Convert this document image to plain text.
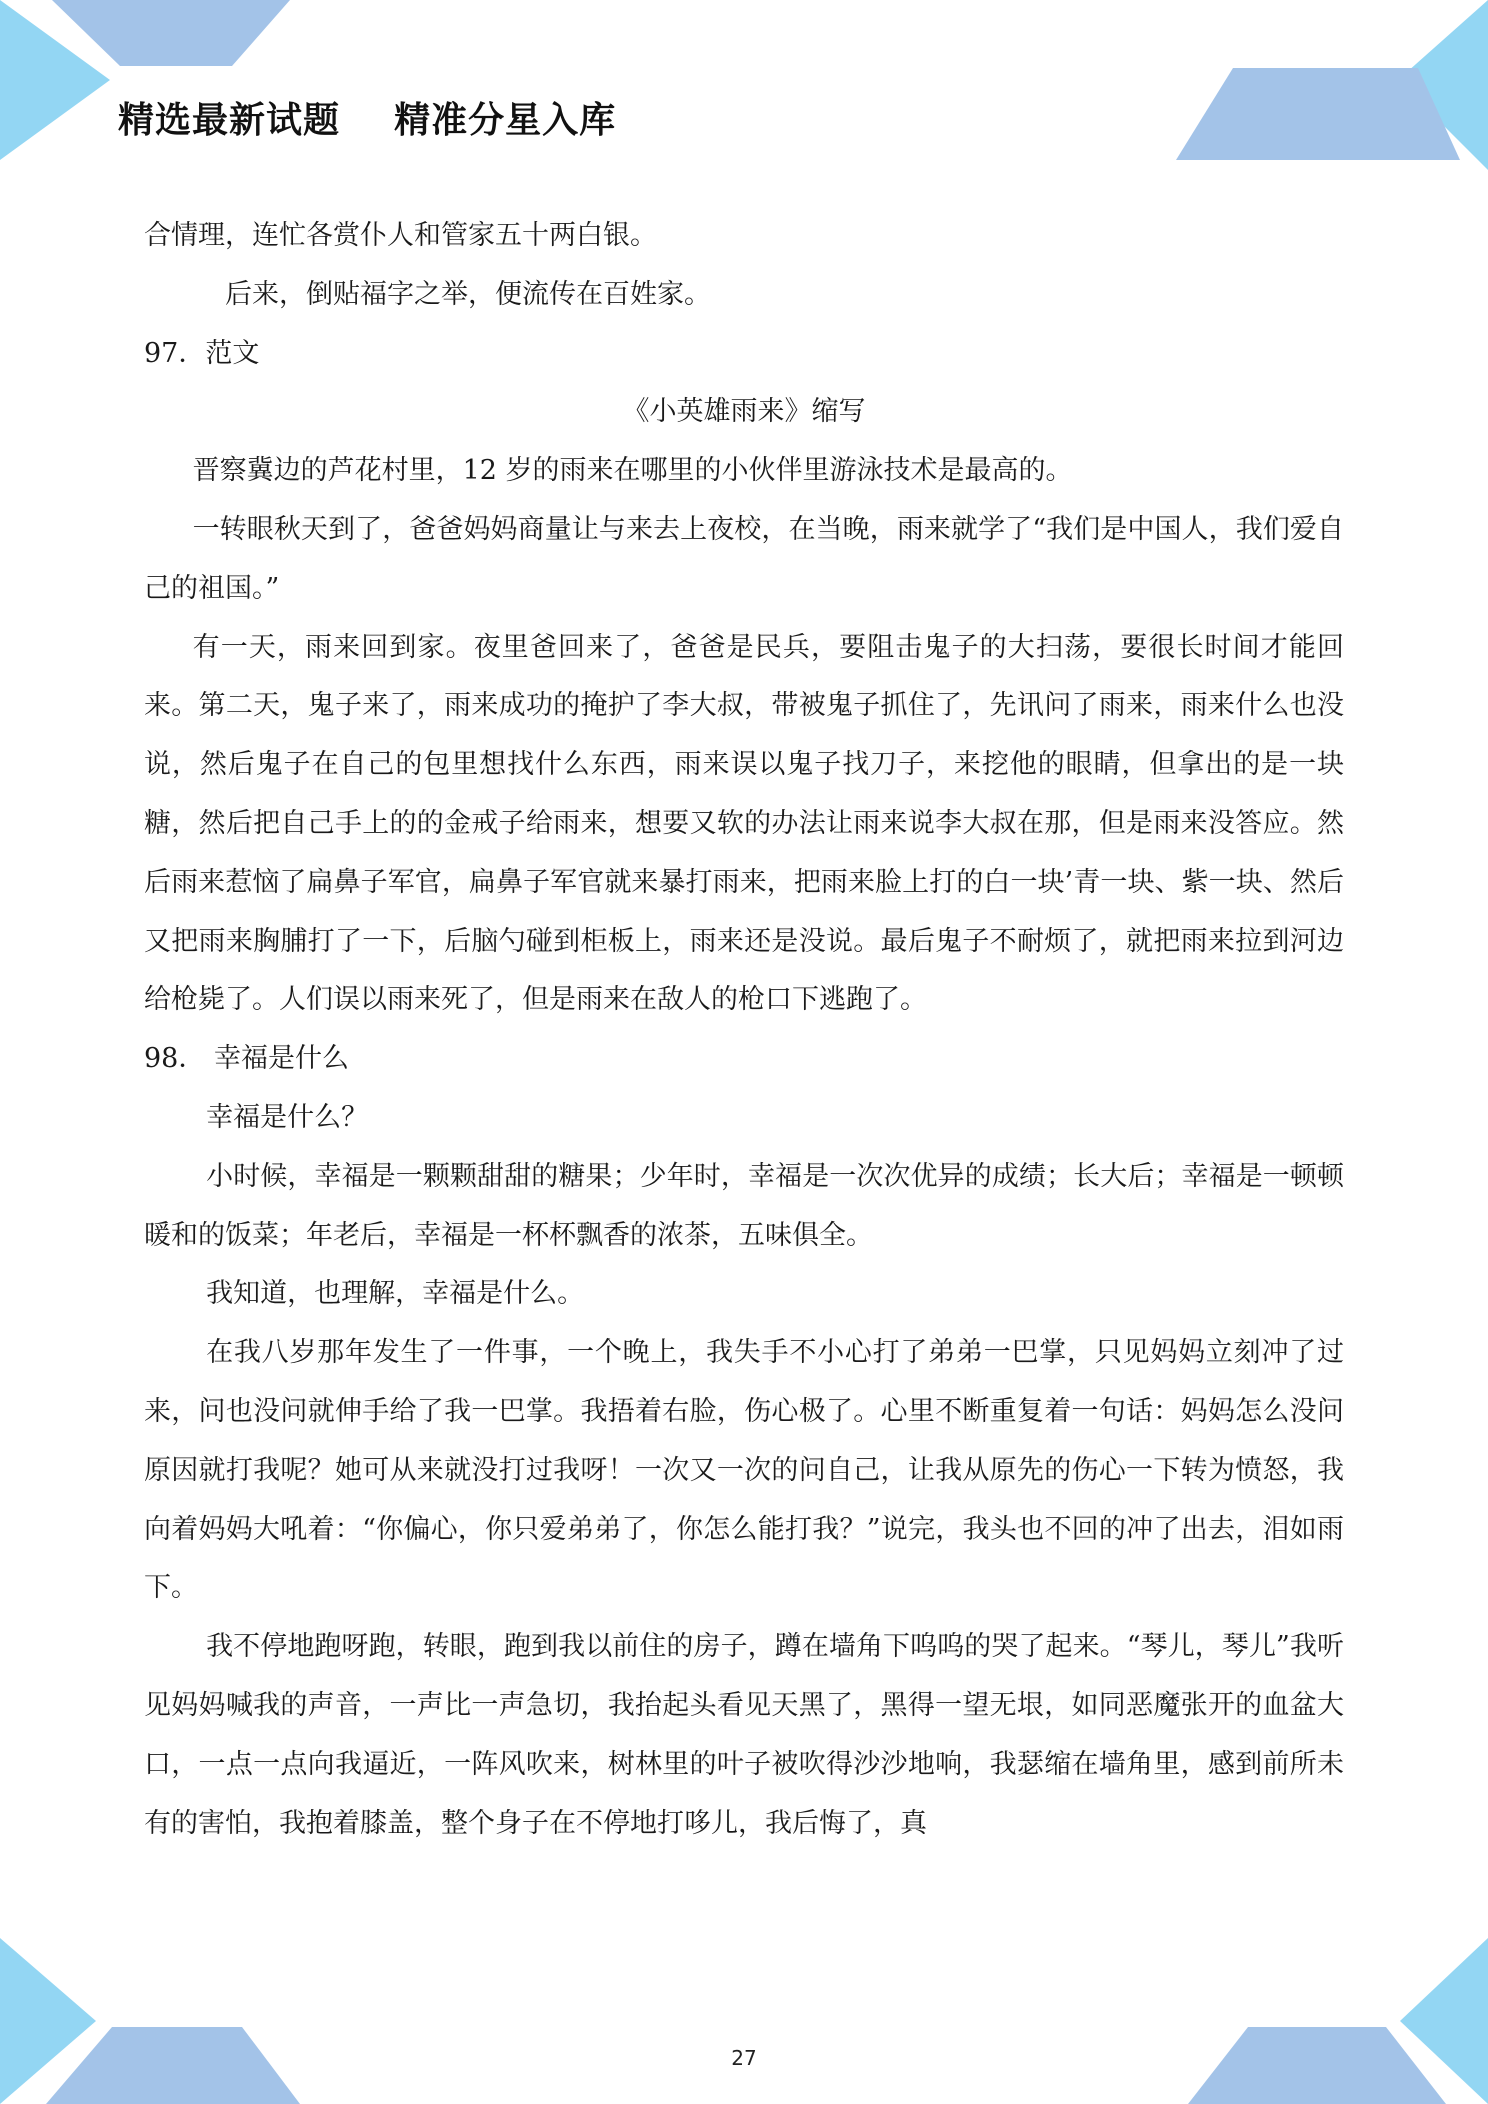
精选最新试题    精准分星入库

合情理，连忙各赏仆人和管家五十两白银。

后来，倒贴福字之举，便流传在百姓家。

97．范文

《小英雄雨来》缩写

晋察冀边的芦花村里，12 岁的雨来在哪里的小伙伴里游泳技术是最高的。

一转眼秋天到了，爸爸妈妈商量让与来去上夜校，在当晚，雨来就学了“我们是中国人，我们爱自己的祖国。”

有一天，雨来回到家。夜里爸回来了，爸爸是民兵，要阻击鬼子的大扫荡，要很长时间才能回来。第二天，鬼子来了，雨来成功的掩护了李大叔，带被鬼子抓住了，先讯问了雨来，雨来什么也没说，然后鬼子在自己的包里想找什么东西，雨来误以鬼子找刀子，来挖他的眼睛，但拿出的是一块糖，然后把自己手上的的金戒子给雨来，想要又软的办法让雨来说李大叔在那，但是雨来没答应。然后雨来惹恼了扁鼻子军官，扁鼻子军官就来暴打雨来，把雨来脸上打的白一块’青一块、紫一块、然后又把雨来胸脯打了一下，后脑勺碰到柜板上，雨来还是没说。最后鬼子不耐烦了，就把雨来拉到河边给枪毙了。人们误以雨来死了，但是雨来在敌人的枪口下逃跑了。

98． 幸福是什么

幸福是什么？

小时候，幸福是一颗颗甜甜的糖果；少年时，幸福是一次次优异的成绩；长大后；幸福是一顿顿暖和的饭菜；年老后，幸福是一杯杯飘香的浓茶，五味俱全。

我知道，也理解，幸福是什么。

在我八岁那年发生了一件事，一个晚上，我失手不小心打了弟弟一巴掌，只见妈妈立刻冲了过来，问也没问就伸手给了我一巴掌。我捂着右脸，伤心极了。心里不断重复着一句话：妈妈怎么没问原因就打我呢？她可从来就没打过我呀！一次又一次的问自己，让我从原先的伤心一下转为愤怒，我向着妈妈大吼着：“你偏心，你只爱弟弟了，你怎么能打我？”说完，我头也不回的冲了出去，泪如雨下。

我不停地跑呀跑，转眼，跑到我以前住的房子，蹲在墙角下呜呜的哭了起来。“琴儿，琴儿”我听见妈妈喊我的声音，一声比一声急切，我抬起头看见天黑了，黑得一望无垠，如同恶魔张开的血盆大口，一点一点向我逼近，一阵风吹来，树林里的叶子被吹得沙沙地响，我瑟缩在墙角里，感到前所未有的害怕，我抱着膝盖，整个身子在不停地打哆儿，我后悔了，真

27
